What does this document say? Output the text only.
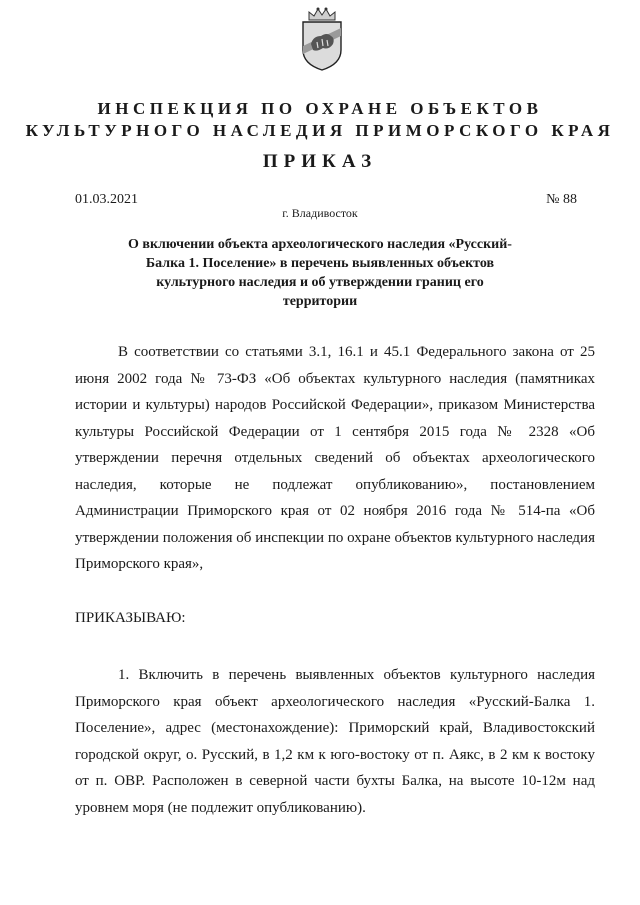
ИНСПЕКЦИЯ ПО ОХРАНЕ ОБЪЕКТОВ
КУЛЬТУРНОГО НАСЛЕДИЯ ПРИМОРСКОГО КРАЯ
ПРИКАЗ
01.03.2021	№ 88
г. Владивосток
О включении объекта археологического наследия «Русский-Балка 1. Поселение» в перечень выявленных объектов культурного наследия и об утверждении границ его территории
В соответствии со статьями 3.1, 16.1 и 45.1 Федерального закона от 25 июня 2002 года № 73-ФЗ «Об объектах культурного наследия (памятниках истории и культуры) народов Российской Федерации», приказом Министерства культуры Российской Федерации от 1 сентября 2015 года № 2328 «Об утверждении перечня отдельных сведений об объектах археологического наследия, которые не подлежат опубликованию», постановлением Администрации Приморского края от 02 ноября 2016 года № 514-па «Об утверждении положения об инспекции по охране объектов культурного наследия Приморского края»,
ПРИКАЗЫВАЮ:
1. Включить в перечень выявленных объектов культурного наследия Приморского края объект археологического наследия «Русский-Балка 1. Поселение», адрес (местонахождение): Приморский край, Владивостокский городской округ, о. Русский, в 1,2 км к юго-востоку от п. Аякс, в 2 км к востоку от п. ОВР. Расположен в северной части бухты Балка, на высоте 10-12м над уровнем моря (не подлежит опубликованию).
